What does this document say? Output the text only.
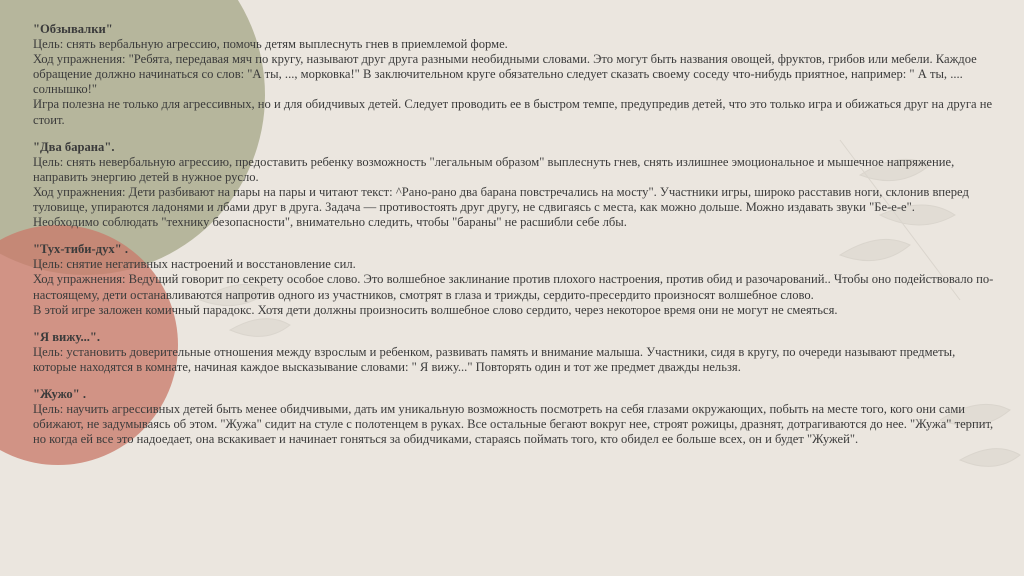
"Обзывалки"

Цель: снять вербальную агрессию, помочь детям выплеснуть гнев в приемлемой форме.

Ход упражнения: "Ребята, передавая мяч по кругу, называют друг друга разными необидными словами. Это могут быть названия овощей, фруктов, грибов или мебели. Каждое обращение должно начинаться со слов: "А ты, ..., морковка!" В заключительном круге обязательно следует сказать своему соседу что-нибудь приятное, например: " А ты, .... солнышко!"

Игра полезна не только для агрессивных, но и для обидчивых детей. Следует проводить ее в быстром темпе, предупредив детей, что это только игра и обижаться друг на друга не стоит.

"Два барана".

Цель: снять невербальную агрессию, предоставить ребенку возможность "легальным образом" выплеснуть гнев, снять излишнее эмоциональное и мышечное напряжение, направить энергию детей в нужное русло.

Ход упражнения: Дети разбивают на пары на пары и читают текст: ^Рано-рано два барана повстречались на мосту". Участники игры, широко расставив ноги, склонив вперед туловище, упираются ладонями и лбами друг в друга. Задача — противостоять друг другу, не сдвигаясь с места, как можно дольше. Можно издавать звуки "Бе-е-е".

Необходимо соблюдать "технику безопасности", внимательно следить, чтобы "бараны" не расшибли себе лбы.

"Тух-тиби-дух" .

Цель: снятие негативных настроений и восстановление сил.

Ход упражнения: Ведущий говорит по секрету особое слово. Это волшебное заклинание против плохого настроения, против обид и разочарований.. Чтобы оно подействовало по-настоящему, дети останавливаются напротив одного из участников, смотрят в глаза и трижды, сердито-пресердито произносят волшебное слово.

В этой игре заложен комичный парадокс. Хотя дети должны произносить волшебное слово сердито, через некоторое время они не могут не смеяться.

"Я вижу...".

Цель: установить доверительные отношения между взрослым и ребенком, развивать память и внимание малыша. Участники, сидя в кругу, по очереди называют предметы, которые находятся в комнате, начиная каждое высказывание словами: " Я вижу..." Повторять один и тот же предмет дважды нельзя.

"Жужо" .

Цель: научить агрессивных детей быть менее обидчивыми, дать им уникальную возможность посмотреть на себя глазами окружающих, побыть на месте того, кого они сами обижают, не задумываясь об этом. "Жужа" сидит на стуле с полотенцем в руках. Все остальные бегают вокруг нее, строят рожицы, дразнят, дотрагиваются до нее. "Жужа" терпит, но когда ей все это надоедает, она вскакивает и начинает гоняться за обидчиками, стараясь поймать того, кто обидел ее больше всех, он и будет "Жужей".
